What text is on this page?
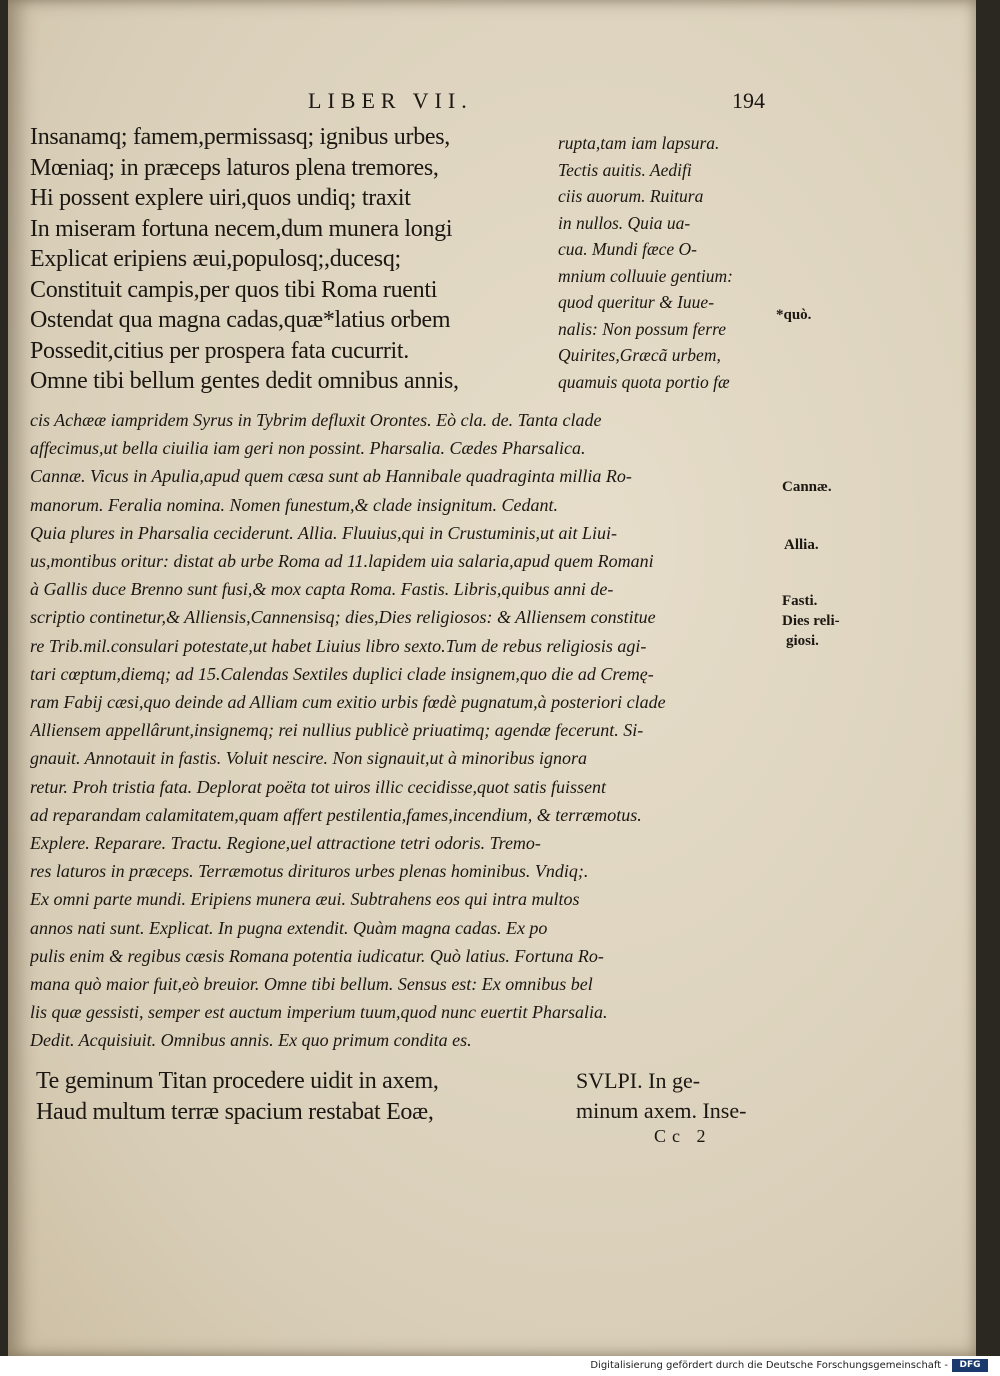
LIBER VII.	194
Insanamq; famem,permissasq; ignibus urbes,
Mœniaq; in præceps laturos plena tremores,
Hi possent explere uiri,quos undiq; traxit
In miseram fortuna necem,dum munera longi
Explicat eripiens æui,populosq;,ducesq;
Constituit campis,per quos tibi Roma ruenti
Ostendat qua magna cadas,quæ*latius orbem
Possedit,citius per prospera fata cucurrit.
Omne tibi bellum gentes dedit omnibus annis,
rupta,tam iam lapsura.
Tectis auitis. Aedifi
ciis auorum. Ruitura
in nullos. Quia ua-
cua. Mundi fæce O-
mnium colluuie gentium:
quod queritur & Iuue-
nalis: Non possum ferre
Quirites,Græcã urbem,
quamuis quota portio fæ
cis Achææ iampridem Syrus in Tybrim defluxit Orontes. Eò cla. de. Tanta clade
affecimus,ut bella ciuilia iam geri non possint. Pharsalia. Cædes Pharsalica.
Cannæ. Vicus in Apulia,apud quem cæsa sunt ab Hannibale quadraginta millia Ro-
manorum. Feralia nomina. Nomen funestum,& clade insignitum. Cedant.
Quia plures in Pharsalia ceciderunt. Allia. Fluuius,qui in Crustuminis,ut ait Liui-
us,montibus oritur: distat ab urbe Roma ad 11.lapidem uia salaria,apud quem Romani
à Gallis duce Brenno sunt fusi,& mox capta Roma. Fastis. Libris,quibus anni de-
scriptio continetur,& Alliensis,Cannensisq; dies,Dies religiosos: & Alliensem constitue
re Trib.mil.consulari potestate,ut habet Liuius libro sexto.Tum de rebus religiosis agi-
tari cœptum,diemq; ad 15.Calendas Sextiles duplici clade insignem,quo die ad Cremę-
ram Fabij cæsi,quo deinde ad Alliam cum exitio urbis fœdè pugnatum,à posteriori clade
Alliensem appellârunt,insignemq; rei nullius publicè priuatimq; agendæ fecerunt. Si-
gnauit. Annotauit in fastis. Voluit nescire. Non signauit,ut à minoribus ignora
retur. Proh tristia fata. Deplorat poëta tot uiros illic cecidisse,quot satis fuissent
ad reparandam calamitatem,quam affert pestilentia,fames,incendium, & terræmotus.
Explere. Reparare. Tractu. Regione,uel attractione tetri odoris. Tremo-
res laturos in præceps. Terræmotus dirituros urbes plenas hominibus. Vndiq;.
Ex omni parte mundi. Eripiens munera æui. Subtrahens eos qui intra multos
annos nati sunt. Explicat. In pugna extendit. Quàm magna cadas. Ex po
pulis enim & regibus cæsis Romana potentia iudicatur. Quò latius. Fortuna Ro-
mana quò maior fuit,eò breuior. Omne tibi bellum. Sensus est: Ex omnibus bel
lis quæ gessisti, semper est auctum imperium tuum,quod nunc euertit Pharsalia.
Dedit. Acquisiuit. Omnibus annis. Ex quo primum condita es.
*quò.
Cannæ.
Allia.
Fasti.
Dies reli-
giosi.
Te geminum Titan procedere uidit in axem,
Haud multum terræ spacium restabat Eoæ,
SVLPI. In ge-
minum axem. Inse-
Cc 2
Digitalisierung gefördert durch die Deutsche Forschungsgemeinschaft -	DFG
